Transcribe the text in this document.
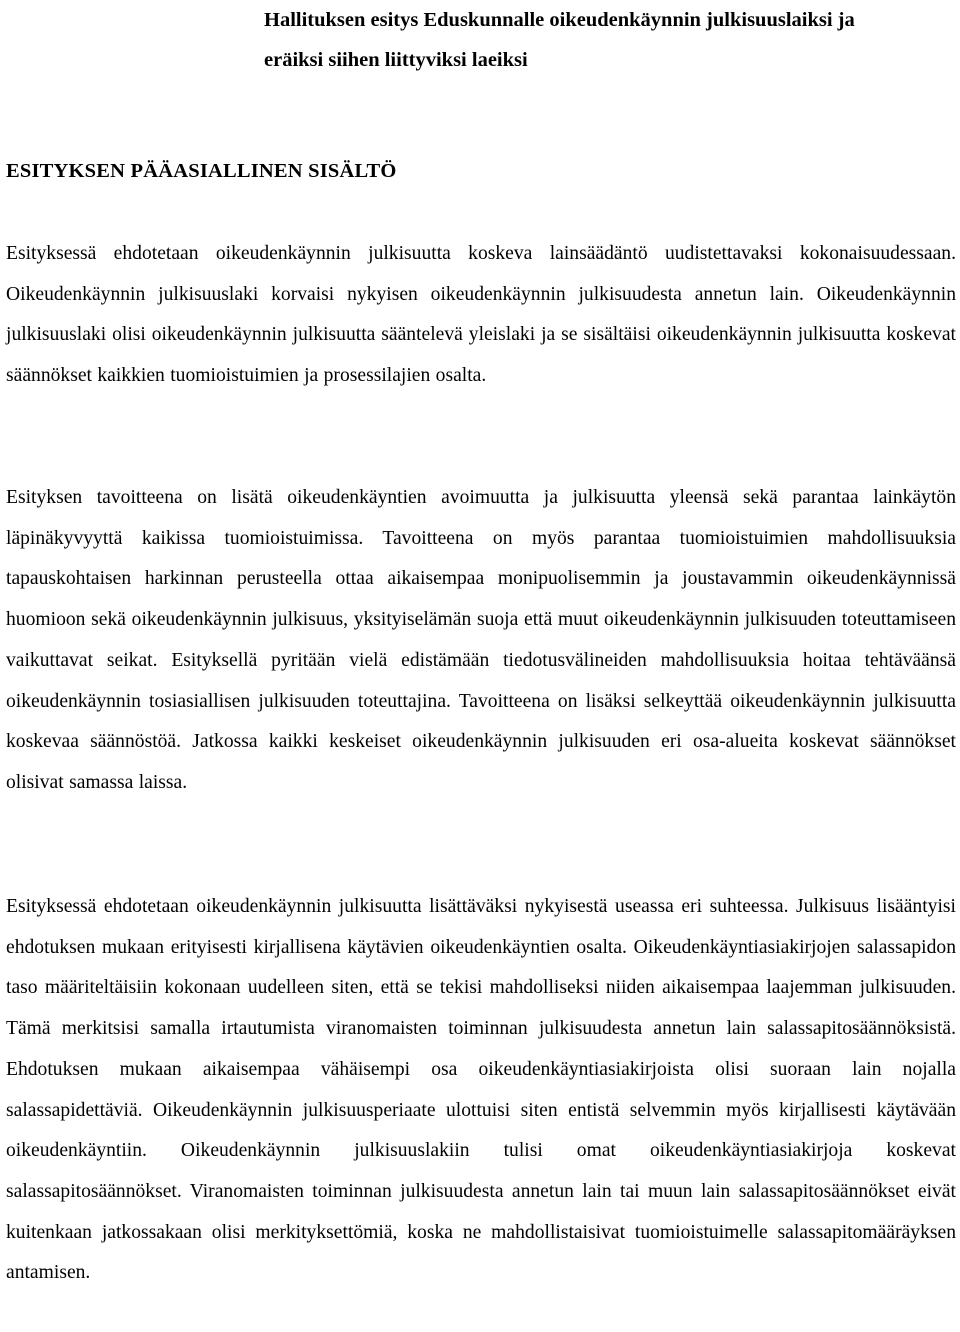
Hallituksen esitys Eduskunnalle oikeudenkäynnin julkisuuslaiksi ja
eräiksi siihen liittyviksi laeiksi
ESITYKSEN PÄÄASIALLINEN SISÄLTÖ

Esityksessä ehdotetaan oikeudenkäynnin julkisuutta koskeva lainsäädäntö uudistettavaksi kokonaisuudessaan. Oikeudenkäynnin julkisuuslaki korvaisi nykyisen oikeudenkäynnin julkisuudesta annetun lain. Oikeudenkäynnin julkisuuslaki olisi oikeudenkäynnin julkisuutta sääntelevä yleislaki ja se sisältäisi oikeudenkäynnin julkisuutta koskevat säännökset kaikkien tuomioistuimien ja prosessilajien osalta.

Esityksen tavoitteena on lisätä oikeudenkäyntien avoimuutta ja julkisuutta yleensä sekä parantaa lainkäytön läpinäkyvyyttä kaikissa tuomioistuimissa. Tavoitteena on myös parantaa tuomioistuimien mahdollisuuksia tapauskohtaisen harkinnan perusteella ottaa aikaisempaa monipuolisemmin ja joustavammin oikeudenkäynnissä huomioon sekä oikeudenkäynnin julkisuus, yksityiselämän suoja että muut oikeudenkäynnin julkisuuden toteuttamiseen vaikuttavat seikat. Esityksellä pyritään vielä edistämään tiedotusvälineiden mahdollisuuksia hoitaa tehtäväänsä oikeudenkäynnin tosiasiallisen julkisuuden toteuttajina. Tavoitteena on lisäksi selkeyttää oikeudenkäynnin julkisuutta koskevaa säännöstöä. Jatkossa kaikki keskeiset oikeudenkäynnin julkisuuden eri osa-alueita koskevat säännökset olisivat samassa laissa.

Esityksessä ehdotetaan oikeudenkäynnin julkisuutta lisättäväksi nykyisestä useassa eri suhteessa. Julkisuus lisääntyisi ehdotuksen mukaan erityisesti kirjallisena käytävien oikeudenkäyntien osalta. Oikeudenkäyntiasiakirjojen salassapidon taso määriteltäisiin kokonaan uudelleen siten, että se tekisi mahdolliseksi niiden aikaisempaa laajemman julkisuuden. Tämä merkitsisi samalla irtautumista viranomaisten toiminnan julkisuudesta annetun lain salassapitosäännöksistä. Ehdotuksen mukaan aikaisempaa vähäisempi osa oikeudenkäyntiasiakirjoista olisi suoraan lain nojalla salassapidettäviä. Oikeudenkäynnin julkisuusperiaate ulottuisi siten entistä selvemmin myös kirjallisesti käytävään oikeudenkäyntiin. Oikeudenkäynnin julkisuuslakiin tulisi omat oikeudenkäyntiasiakirjoja koskevat salassapitosäännökset. Viranomaisten toiminnan julkisuudesta annetun lain tai muun lain salassapitosäännökset eivät kuitenkaan jatkossakaan olisi merkityksettömiä, koska ne mahdollistaisivat tuomioistuimelle salassapitomääräyksen antamisen.
